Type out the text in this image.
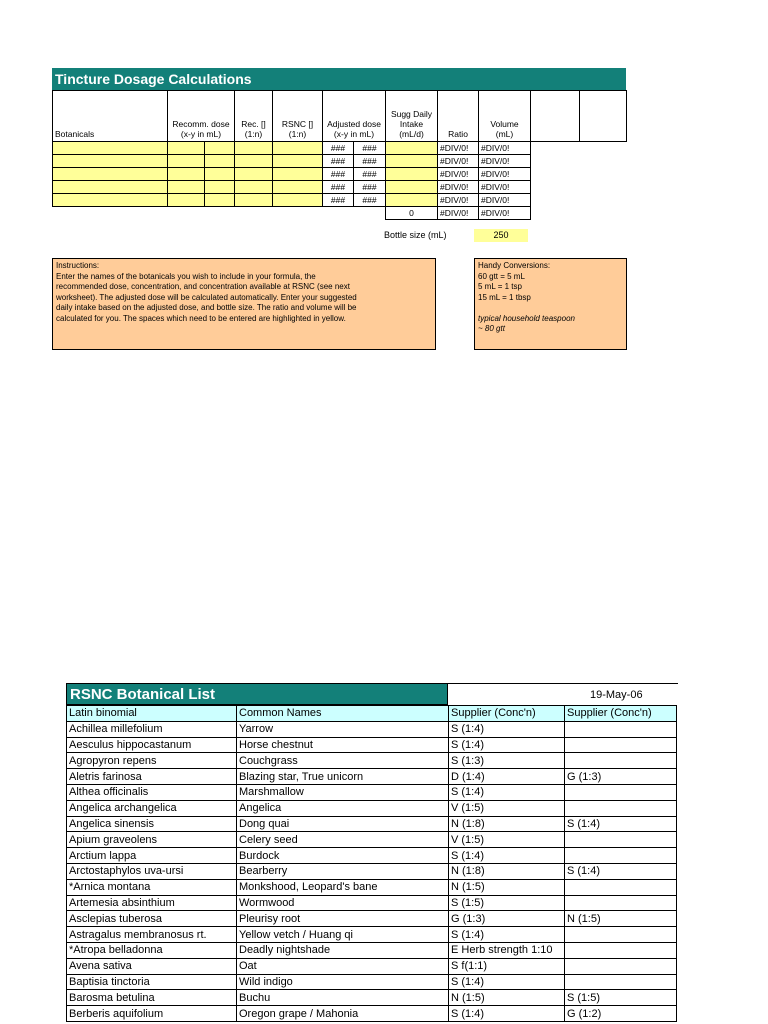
Tincture Dosage Calculations
Botanicals	Recomm. dose (x-y in mL)		Rec. [] (1:n)	RSNC [] (1:n)	Adjusted dose (x-y in mL)		Sugg Daily Intake (mL/d)	Ratio	Volume (mL)		
					###	###		#DIV/0!	#DIV/0!		
					###	###		#DIV/0!	#DIV/0!		
					###	###		#DIV/0!	#DIV/0!		
					###	###		#DIV/0!	#DIV/0!		
					###	###		#DIV/0!	#DIV/0!		
							0	#DIV/0!	#DIV/0!		
Bottle size (mL)	250
Instructions:
Enter the names of the botanicals you wish to include in your formula, the
recommended dose, concentration, and concentration available at RSNC (see next
worksheet). The adjusted dose will be calculated automatically. Enter your suggested
daily intake based on the adjusted dose, and bottle size. The ratio and volume will be
calculated for you. The spaces which need to be entered are highlighted in yellow.
Handy Conversions:
60 gtt = 5 mL
5 mL = 1 tsp
15 mL = 1 tbsp
typical household teaspoon
~ 80 gtt
RSNC Botanical List	19-May-06
Latin binomial	Common Names	Supplier (Conc'n)	Supplier (Conc'n)
Achillea millefolium	Yarrow	S (1:4)	
Aesculus hippocastanum	Horse chestnut	S (1:4)	
Agropyron repens	Couchgrass	S (1:3)	
Aletris farinosa	Blazing star, True unicorn	D (1:4)	G (1:3)
Althea officinalis	Marshmallow	S (1:4)	
Angelica archangelica	Angelica	V (1:5)	
Angelica sinensis	Dong quai	N (1:8)	S (1:4)
Apium graveolens	Celery seed	V (1:5)	
Arctium lappa	Burdock	S (1:4)	
Arctostaphylos uva-ursi	Bearberry	N (1:8)	S (1:4)
*Arnica montana	Monkshood, Leopard's bane	N (1:5)	
Artemesia absinthium	Wormwood	S (1:5)	
Asclepias tuberosa	Pleurisy root	G (1:3)	N (1:5)
Astragalus membranosus rt.	Yellow vetch / Huang qi	S (1:4)	
*Atropa belladonna	Deadly nightshade	E Herb strength 1:10	
Avena sativa	Oat	S f(1:1)	
Baptisia tinctoria	Wild indigo	S (1:4)	
Barosma betulina	Buchu	N (1:5)	S (1:5)
Berberis aquifolium	Oregon grape / Mahonia	S (1:4)	G (1:2)
